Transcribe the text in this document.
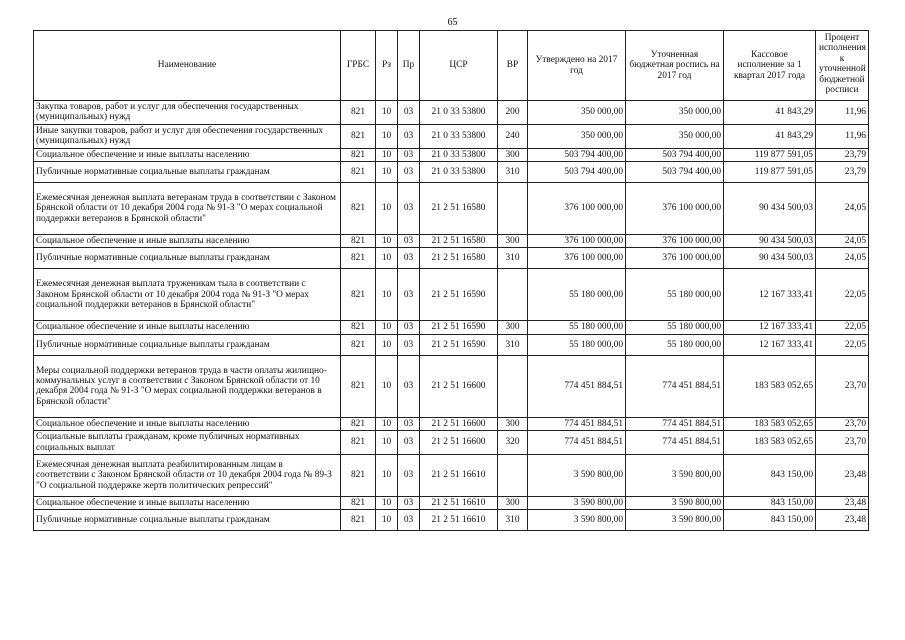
65
Наименование	ГРБС	Рз	Пр	ЦСР	ВР	Утверждено на 2017 год	Уточненная бюджетная роспись на 2017 год	Кассовое исполнение за 1 квартал 2017 года	Процент исполнения к уточненной бюджетной росписи
Закупка товаров, работ и услуг для обеспечения государственных (муниципальных) нужд	821	10	03	21 0 33 53800	200	350 000,00	350 000,00	41 843,29	11,96
Иные закупки товаров, работ и услуг для обеспечения государственных (муниципальных) нужд	821	10	03	21 0 33 53800	240	350 000,00	350 000,00	41 843,29	11,96
Социальное обеспечение и иные выплаты населению	821	10	03	21 0 33 53800	300	503 794 400,00	503 794 400,00	119 877 591,05	23,79
Публичные нормативные социальные выплаты гражданам	821	10	03	21 0 33 53800	310	503 794 400,00	503 794 400,00	119 877 591,05	23,79
Ежемесячная денежная выплата ветеранам труда в соответствии с Законом Брянской области от 10 декабря 2004 года № 91-З "О мерах социальной поддержки ветеранов в Брянской области"	821	10	03	21 2 51 16580		376 100 000,00	376 100 000,00	90 434 500,03	24,05
Социальное обеспечение и иные выплаты населению	821	10	03	21 2 51 16580	300	376 100 000,00	376 100 000,00	90 434 500,03	24,05
Публичные нормативные социальные выплаты гражданам	821	10	03	21 2 51 16580	310	376 100 000,00	376 100 000,00	90 434 500,03	24,05
Ежемесячная денежная выплата труженикам тыла в соответствии с Законом Брянской области от 10 декабря 2004 года № 91-З "О мерах социальной поддержки ветеранов в Брянской области"	821	10	03	21 2 51 16590		55 180 000,00	55 180 000,00	12 167 333,41	22,05
Социальное обеспечение и иные выплаты населению	821	10	03	21 2 51 16590	300	55 180 000,00	55 180 000,00	12 167 333,41	22,05
Публичные нормативные социальные выплаты гражданам	821	10	03	21 2 51 16590	310	55 180 000,00	55 180 000,00	12 167 333,41	22,05
Меры социальной поддержки ветеранов труда в части оплаты жилищно-коммунальных услуг в соответствии с Законом Брянской области от 10 декабря 2004 года № 91-З "О мерах социальной поддержки ветеранов в Брянской области"	821	10	03	21 2 51 16600		774 451 884,51	774 451 884,51	183 583 052,65	23,70
Социальное обеспечение и иные выплаты населению	821	10	03	21 2 51 16600	300	774 451 884,51	774 451 884,51	183 583 052,65	23,70
Социальные выплаты гражданам, кроме публичных нормативных социальных выплат	821	10	03	21 2 51 16600	320	774 451 884,51	774 451 884,51	183 583 052,65	23,70
Ежемесячная денежная выплата реабилитированным лицам в соответствии с Законом Брянской области от 10 декабря 2004 года № 89-З "О социальной поддержке жертв политических репрессий"	821	10	03	21 2 51 16610		3 590 800,00	3 590 800,00	843 150,00	23,48
Социальное обеспечение и иные выплаты населению	821	10	03	21 2 51 16610	300	3 590 800,00	3 590 800,00	843 150,00	23,48
Публичные нормативные социальные выплаты гражданам	821	10	03	21 2 51 16610	310	3 590 800,00	3 590 800,00	843 150,00	23,48
